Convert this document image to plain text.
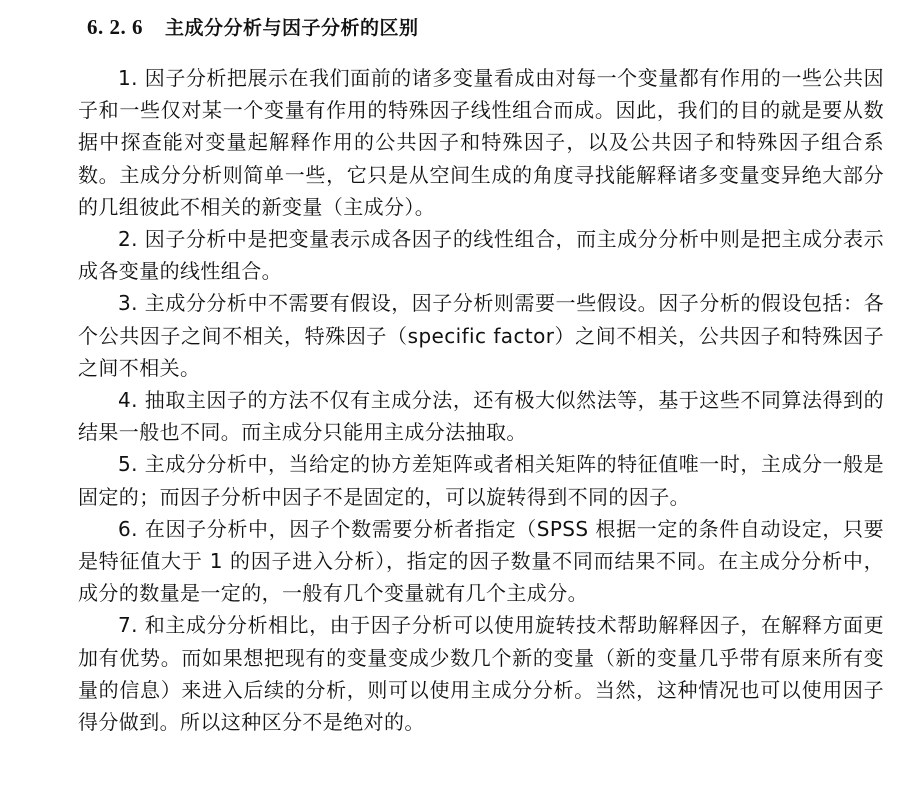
6. 2. 6 主成分分析与因子分析的区别

1. 因子分析把展示在我们面前的诸多变量看成由对每一个变量都有作用的一些公共因子和一些仅对某一个变量有作用的特殊因子线性组合而成。因此，我们的目的就是要从数据中探查能对变量起解释作用的公共因子和特殊因子，以及公共因子和特殊因子组合系数。主成分分析则简单一些，它只是从空间生成的角度寻找能解释诸多变量变异绝大部分的几组彼此不相关的新变量（主成分）。

2. 因子分析中是把变量表示成各因子的线性组合，而主成分分析中则是把主成分表示成各变量的线性组合。

3. 主成分分析中不需要有假设，因子分析则需要一些假设。因子分析的假设包括：各个公共因子之间不相关，特殊因子（specific factor）之间不相关，公共因子和特殊因子之间不相关。

4. 抽取主因子的方法不仅有主成分法，还有极大似然法等，基于这些不同算法得到的结果一般也不同。而主成分只能用主成分法抽取。

5. 主成分分析中，当给定的协方差矩阵或者相关矩阵的特征值唯一时，主成分一般是固定的；而因子分析中因子不是固定的，可以旋转得到不同的因子。

6. 在因子分析中，因子个数需要分析者指定（SPSS 根据一定的条件自动设定，只要是特征值大于 1 的因子进入分析），指定的因子数量不同而结果不同。在主成分分析中，成分的数量是一定的，一般有几个变量就有几个主成分。

7. 和主成分分析相比，由于因子分析可以使用旋转技术帮助解释因子，在解释方面更加有优势。而如果想把现有的变量变成少数几个新的变量（新的变量几乎带有原来所有变量的信息）来进入后续的分析，则可以使用主成分分析。当然，这种情况也可以使用因子得分做到。所以这种区分不是绝对的。
